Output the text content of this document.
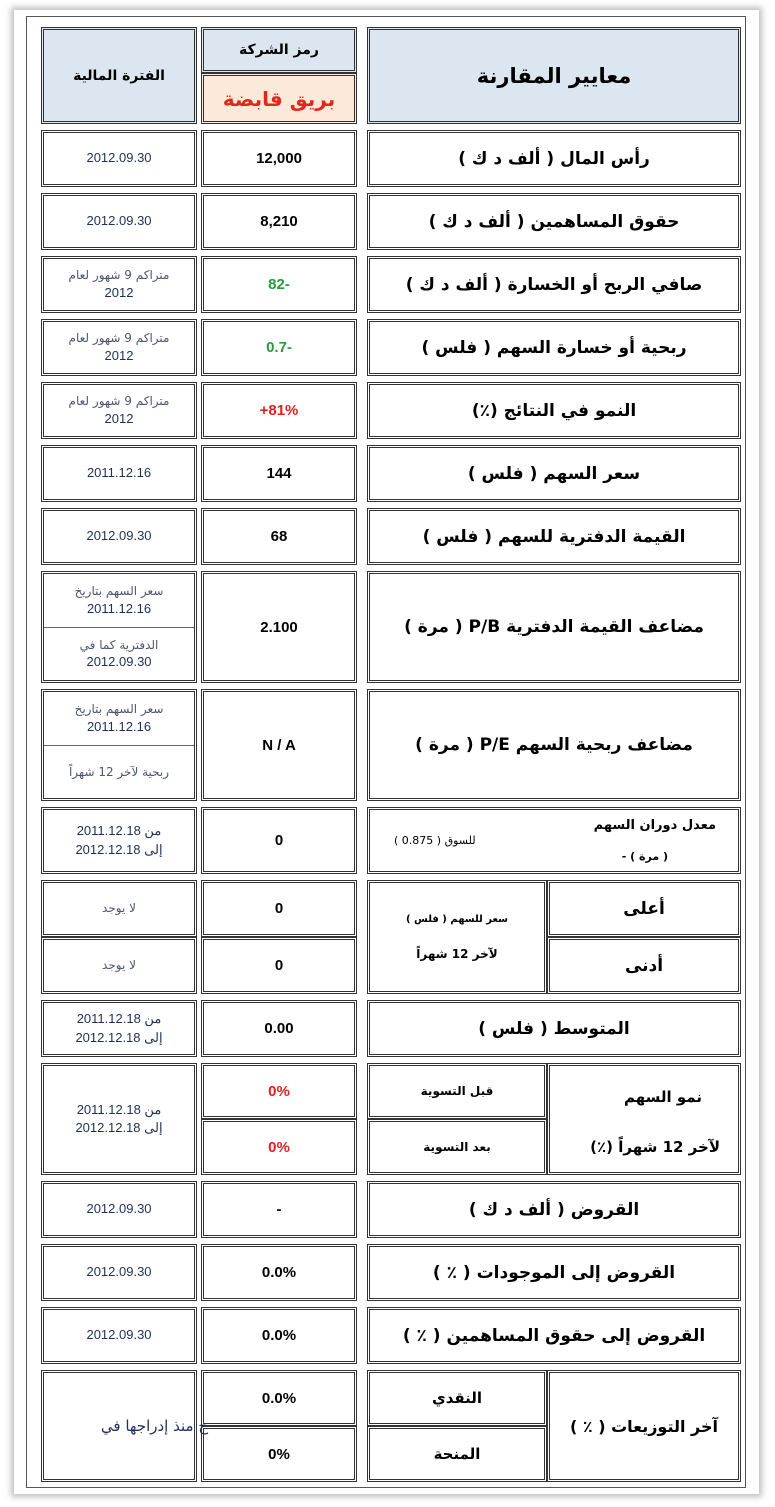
معايير المقارنة
رمز الشركة
بريق قابضة
الفترة المالية
رأس المال ( ألف د ك )
12,000
2012.09.30
حقوق المساهمين ( ألف د ك )
8,210
2012.09.30
صافي الربح أو الخسارة ( ألف د ك )
-82
متراكم 9 شهور لعام
2012
ربحية أو خسارة السهم ( فلس )
-0.7
متراكم 9 شهور لعام
2012
النمو في النتائج (٪)
81%+
متراكم 9 شهور لعام
2012
سعر السهم ( فلس )
144
2011.12.16
القيمة الدفترية للسهم ( فلس )
68
2012.09.30
مضاعف القيمة الدفترية P/B ( مرة )
2.100
سعر السهم بتاريخ
2011.12.16
الدفترية كما في
2012.09.30
مضاعف ربحية السهم P/E ( مرة )
N / A
سعر السهم بتاريخ
2011.12.16
ربحية لآخر 12 شهراً
معدل دوران السهم
للسوق ( 0.875 )
( مرة ) -
0
من 2011.12.18
إلى 2012.12.18
أعلى
أدنى
سعر للسهم ( فلس )
لآخر 12 شهراً
0
0
لا يوجد
لا يوجد
المتوسط ( فلس )
0.00
من 2011.12.18
إلى 2012.12.18
نمو السهم
لآخر 12 شهراً (٪)
قبل التسوية
بعد التسوية
0%
0%
من 2011.12.18
إلى 2012.12.18
القروض ( ألف د ك )
-
2012.09.30
القروض إلى الموجودات ( ٪ )
0.0%
2012.09.30
القروض إلى حقوق المساهمين ( ٪ )
0.0%
2012.09.30
آخر التوزيعات ( ٪ )
النقدي
المنحة
0.0%
0%
ح منذ إدراجها في
